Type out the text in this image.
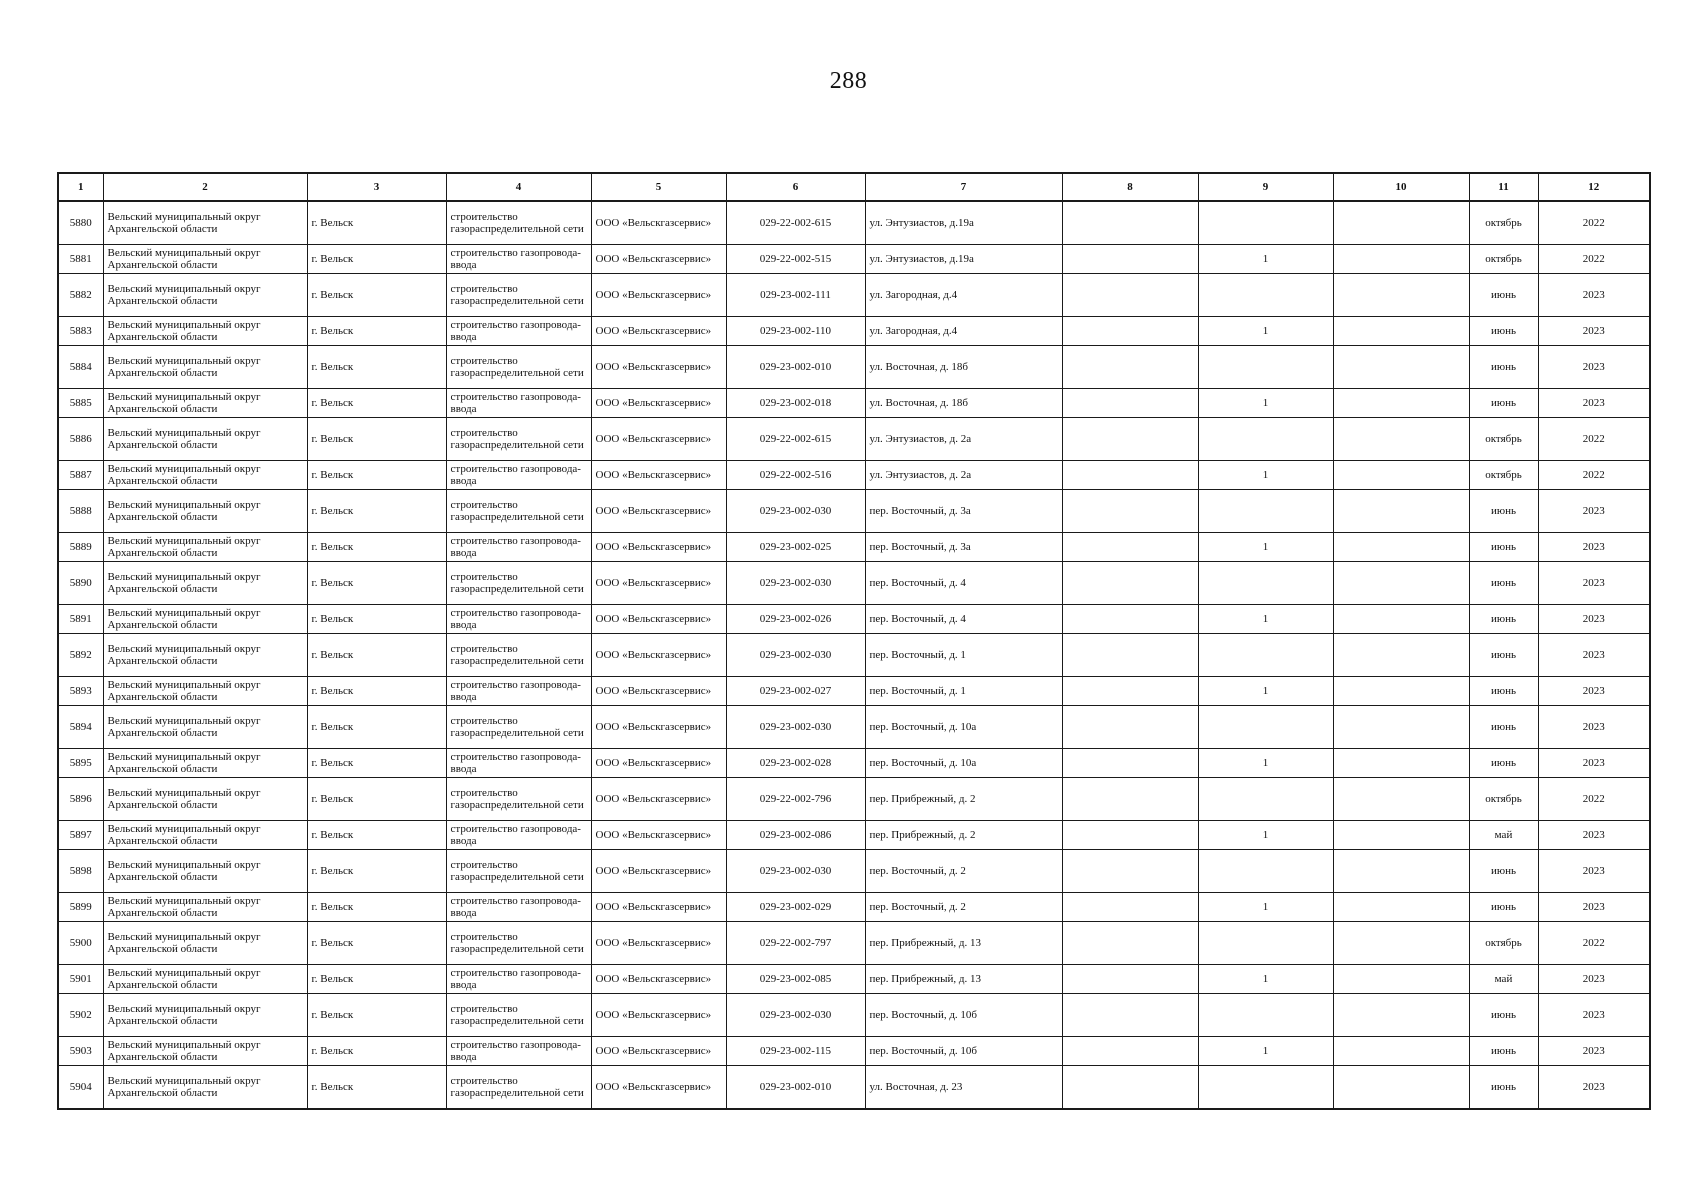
288
1	2	3	4	5	6	7	8	9	10	11	12
5880	Вельский муниципальный округ Архангельской области	г. Вельск	строительство газораспределительной сети	ООО «Вельскгазсервис»	029-22-002-615	ул. Энтузиастов, д.19а				октябрь	2022
5881	Вельский муниципальный округ Архангельской области	г. Вельск	строительство газопровода-ввода	ООО «Вельскгазсервис»	029-22-002-515	ул. Энтузиастов, д.19а		1		октябрь	2022
5882	Вельский муниципальный округ Архангельской области	г. Вельск	строительство газораспределительной сети	ООО «Вельскгазсервис»	029-23-002-111	ул. Загородная, д.4				июнь	2023
5883	Вельский муниципальный округ Архангельской области	г. Вельск	строительство газопровода-ввода	ООО «Вельскгазсервис»	029-23-002-110	ул. Загородная, д.4		1		июнь	2023
5884	Вельский муниципальный округ Архангельской области	г. Вельск	строительство газораспределительной сети	ООО «Вельскгазсервис»	029-23-002-010	ул. Восточная, д. 18б				июнь	2023
5885	Вельский муниципальный округ Архангельской области	г. Вельск	строительство газопровода-ввода	ООО «Вельскгазсервис»	029-23-002-018	ул. Восточная, д. 18б		1		июнь	2023
5886	Вельский муниципальный округ Архангельской области	г. Вельск	строительство газораспределительной сети	ООО «Вельскгазсервис»	029-22-002-615	ул. Энтузиастов, д. 2а				октябрь	2022
5887	Вельский муниципальный округ Архангельской области	г. Вельск	строительство газопровода-ввода	ООО «Вельскгазсервис»	029-22-002-516	ул. Энтузиастов, д. 2а		1		октябрь	2022
5888	Вельский муниципальный округ Архангельской области	г. Вельск	строительство газораспределительной сети	ООО «Вельскгазсервис»	029-23-002-030	пер. Восточный, д. 3а				июнь	2023
5889	Вельский муниципальный округ Архангельской области	г. Вельск	строительство газопровода-ввода	ООО «Вельскгазсервис»	029-23-002-025	пер. Восточный, д. 3а		1		июнь	2023
5890	Вельский муниципальный округ Архангельской области	г. Вельск	строительство газораспределительной сети	ООО «Вельскгазсервис»	029-23-002-030	пер. Восточный, д. 4				июнь	2023
5891	Вельский муниципальный округ Архангельской области	г. Вельск	строительство газопровода-ввода	ООО «Вельскгазсервис»	029-23-002-026	пер. Восточный, д. 4		1		июнь	2023
5892	Вельский муниципальный округ Архангельской области	г. Вельск	строительство газораспределительной сети	ООО «Вельскгазсервис»	029-23-002-030	пер. Восточный, д. 1				июнь	2023
5893	Вельский муниципальный округ Архангельской области	г. Вельск	строительство газопровода-ввода	ООО «Вельскгазсервис»	029-23-002-027	пер. Восточный, д. 1		1		июнь	2023
5894	Вельский муниципальный округ Архангельской области	г. Вельск	строительство газораспределительной сети	ООО «Вельскгазсервис»	029-23-002-030	пер. Восточный, д. 10а				июнь	2023
5895	Вельский муниципальный округ Архангельской области	г. Вельск	строительство газопровода-ввода	ООО «Вельскгазсервис»	029-23-002-028	пер. Восточный, д. 10а		1		июнь	2023
5896	Вельский муниципальный округ Архангельской области	г. Вельск	строительство газораспределительной сети	ООО «Вельскгазсервис»	029-22-002-796	пер. Прибрежный, д. 2				октябрь	2022
5897	Вельский муниципальный округ Архангельской области	г. Вельск	строительство газопровода-ввода	ООО «Вельскгазсервис»	029-23-002-086	пер. Прибрежный, д. 2		1		май	2023
5898	Вельский муниципальный округ Архангельской области	г. Вельск	строительство газораспределительной сети	ООО «Вельскгазсервис»	029-23-002-030	пер. Восточный, д. 2				июнь	2023
5899	Вельский муниципальный округ Архангельской области	г. Вельск	строительство газопровода-ввода	ООО «Вельскгазсервис»	029-23-002-029	пер. Восточный, д. 2		1		июнь	2023
5900	Вельский муниципальный округ Архангельской области	г. Вельск	строительство газораспределительной сети	ООО «Вельскгазсервис»	029-22-002-797	пер. Прибрежный, д. 13				октябрь	2022
5901	Вельский муниципальный округ Архангельской области	г. Вельск	строительство газопровода-ввода	ООО «Вельскгазсервис»	029-23-002-085	пер. Прибрежный, д. 13		1		май	2023
5902	Вельский муниципальный округ Архангельской области	г. Вельск	строительство газораспределительной сети	ООО «Вельскгазсервис»	029-23-002-030	пер. Восточный, д. 10б				июнь	2023
5903	Вельский муниципальный округ Архангельской области	г. Вельск	строительство газопровода-ввода	ООО «Вельскгазсервис»	029-23-002-115	пер. Восточный, д. 10б		1		июнь	2023
5904	Вельский муниципальный округ Архангельской области	г. Вельск	строительство газораспределительной сети	ООО «Вельскгазсервис»	029-23-002-010	ул. Восточная, д. 23				июнь	2023
